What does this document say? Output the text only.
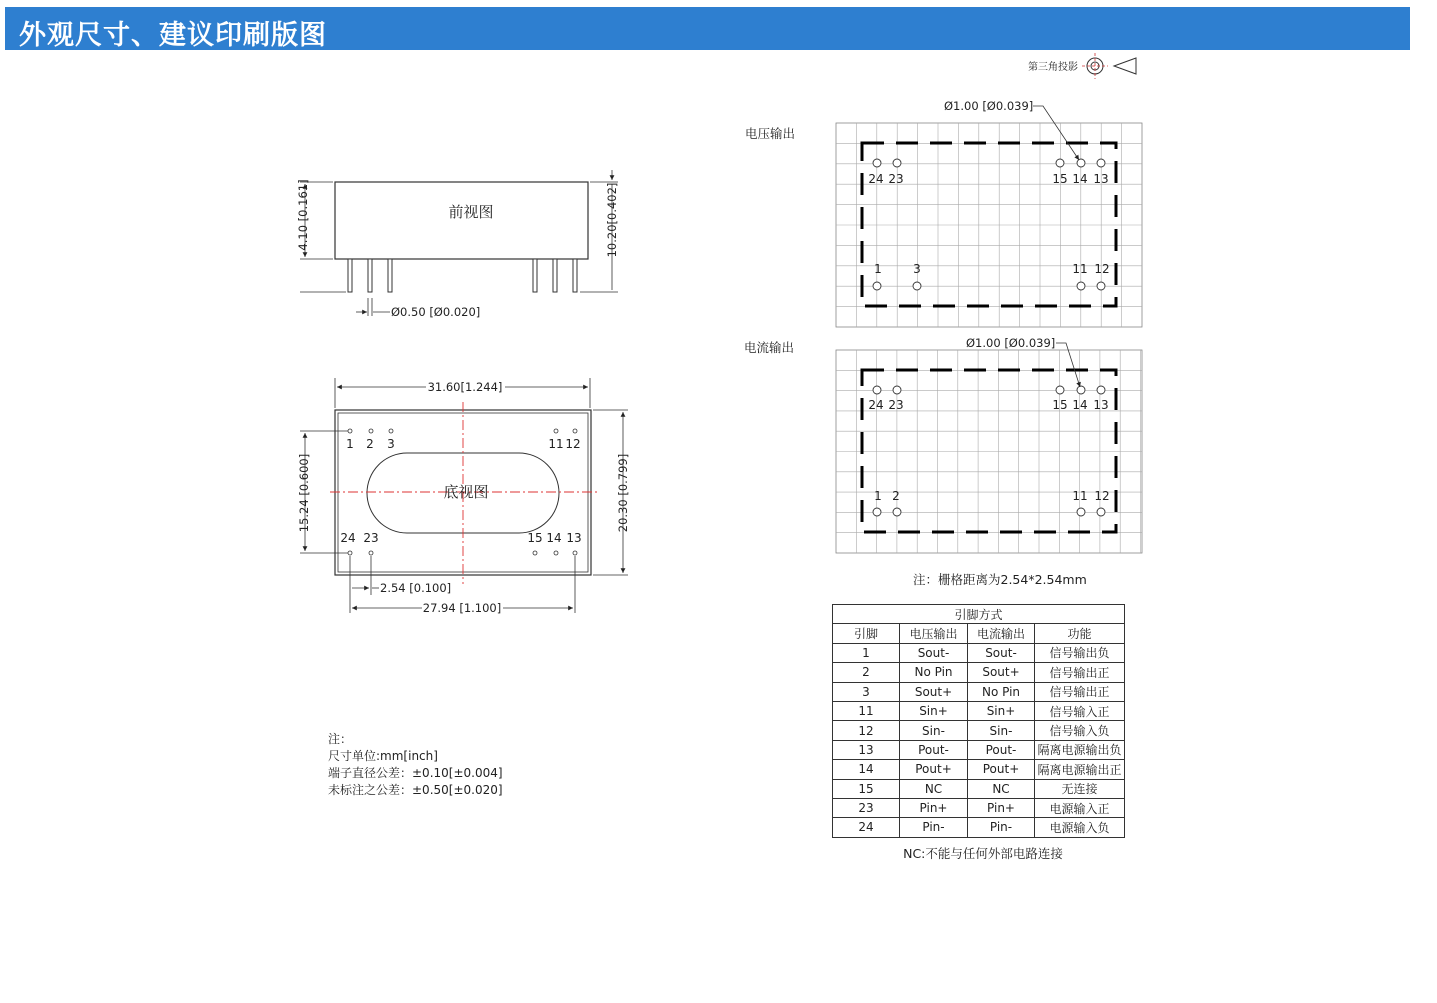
外观尺寸、建议印刷版图
第三角投影
前视图
4.10 [0.161]	10.20[0.402]
Ø0.50 [Ø0.020]
31.60[1.244]
底视图
1 2 3	11 12
24 23	15 14 13
15.24 [0.600]	20.30 [0.799]
2.54 [0.100]
27.94 [1.100]
电压输出
24 23	15 14 13
1	3	11 12
Ø1.00 [Ø0.039]
电流输出
24 23	15 14 13
1 2	11 12
Ø1.00 [Ø0.039]
注：栅格距离为2.54*2.54mm
注：
尺寸单位:mm[inch]
端子直径公差：±0.10[±0.004]
未标注之公差：±0.50[±0.020]
引脚方式			
引脚	电压输出	电流输出	功能
1	Sout-	Sout-	信号输出负
2	No Pin	Sout+	信号输出正
3	Sout+	No Pin	信号输出正
11	Sin+	Sin+	信号输入正
12	Sin-	Sin-	信号输入负
13	Pout-	Pout-	隔离电源输出负
14	Pout+	Pout+	隔离电源输出正
15	NC	NC	无连接
23	Pin+	Pin+	电源输入正
24	Pin-	Pin-	电源输入负
NC:不能与任何外部电路连接
